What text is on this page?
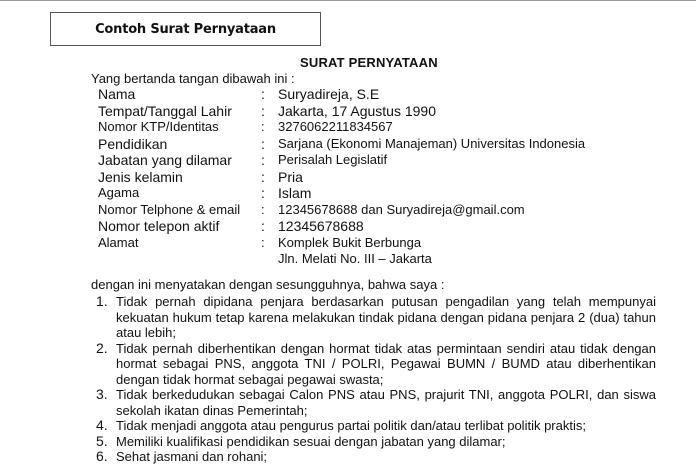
Contoh Surat Pernyataan
SURAT PERNYATAAN
Yang bertanda tangan dibawah ini :
Nama	: Suryadireja, S.E
Tempat/Tanggal Lahir	: Jakarta, 17 Agustus 1990
Nomor KTP/Identitas	:	3276062211834567
Pendidikan	:	Sarjana (Ekonomi Manajeman) Universitas Indonesia
Jabatan yang dilamar	:	Perisalah Legislatif
Jenis kelamin	: Pria
Agama	: Islam
Nomor Telphone & email	:	12345678688 dan Suryadireja@gmail.com
Nomor telepon aktif	: 12345678688
Alamat	:	Komplek Bukit Berbunga
Jln. Melati No. III – Jakarta
dengan ini menyatakan dengan sesungguhnya, bahwa saya :
1. Tidak pernah dipidana penjara berdasarkan putusan pengadilan yang telah mempunyai kekuatan hukum tetap karena melakukan tindak pidana dengan pidana penjara 2 (dua) tahun atau lebih;
2. Tidak pernah diberhentikan dengan hormat tidak atas permintaan sendiri atau tidak dengan hormat sebagai PNS, anggota TNI / POLRI, Pegawai BUMN / BUMD atau diberhentikan dengan tidak hormat sebagai pegawai swasta;
3. Tidak berkedudukan sebagai Calon PNS atau PNS, prajurit TNI, anggota POLRI, dan siswa sekolah ikatan dinas Pemerintah;
4. Tidak menjadi anggota atau pengurus partai politik dan/atau terlibat politik praktis;
5. Memiliki kualifikasi pendidikan sesuai dengan jabatan yang dilamar;
6. Sehat jasmani dan rohani;
